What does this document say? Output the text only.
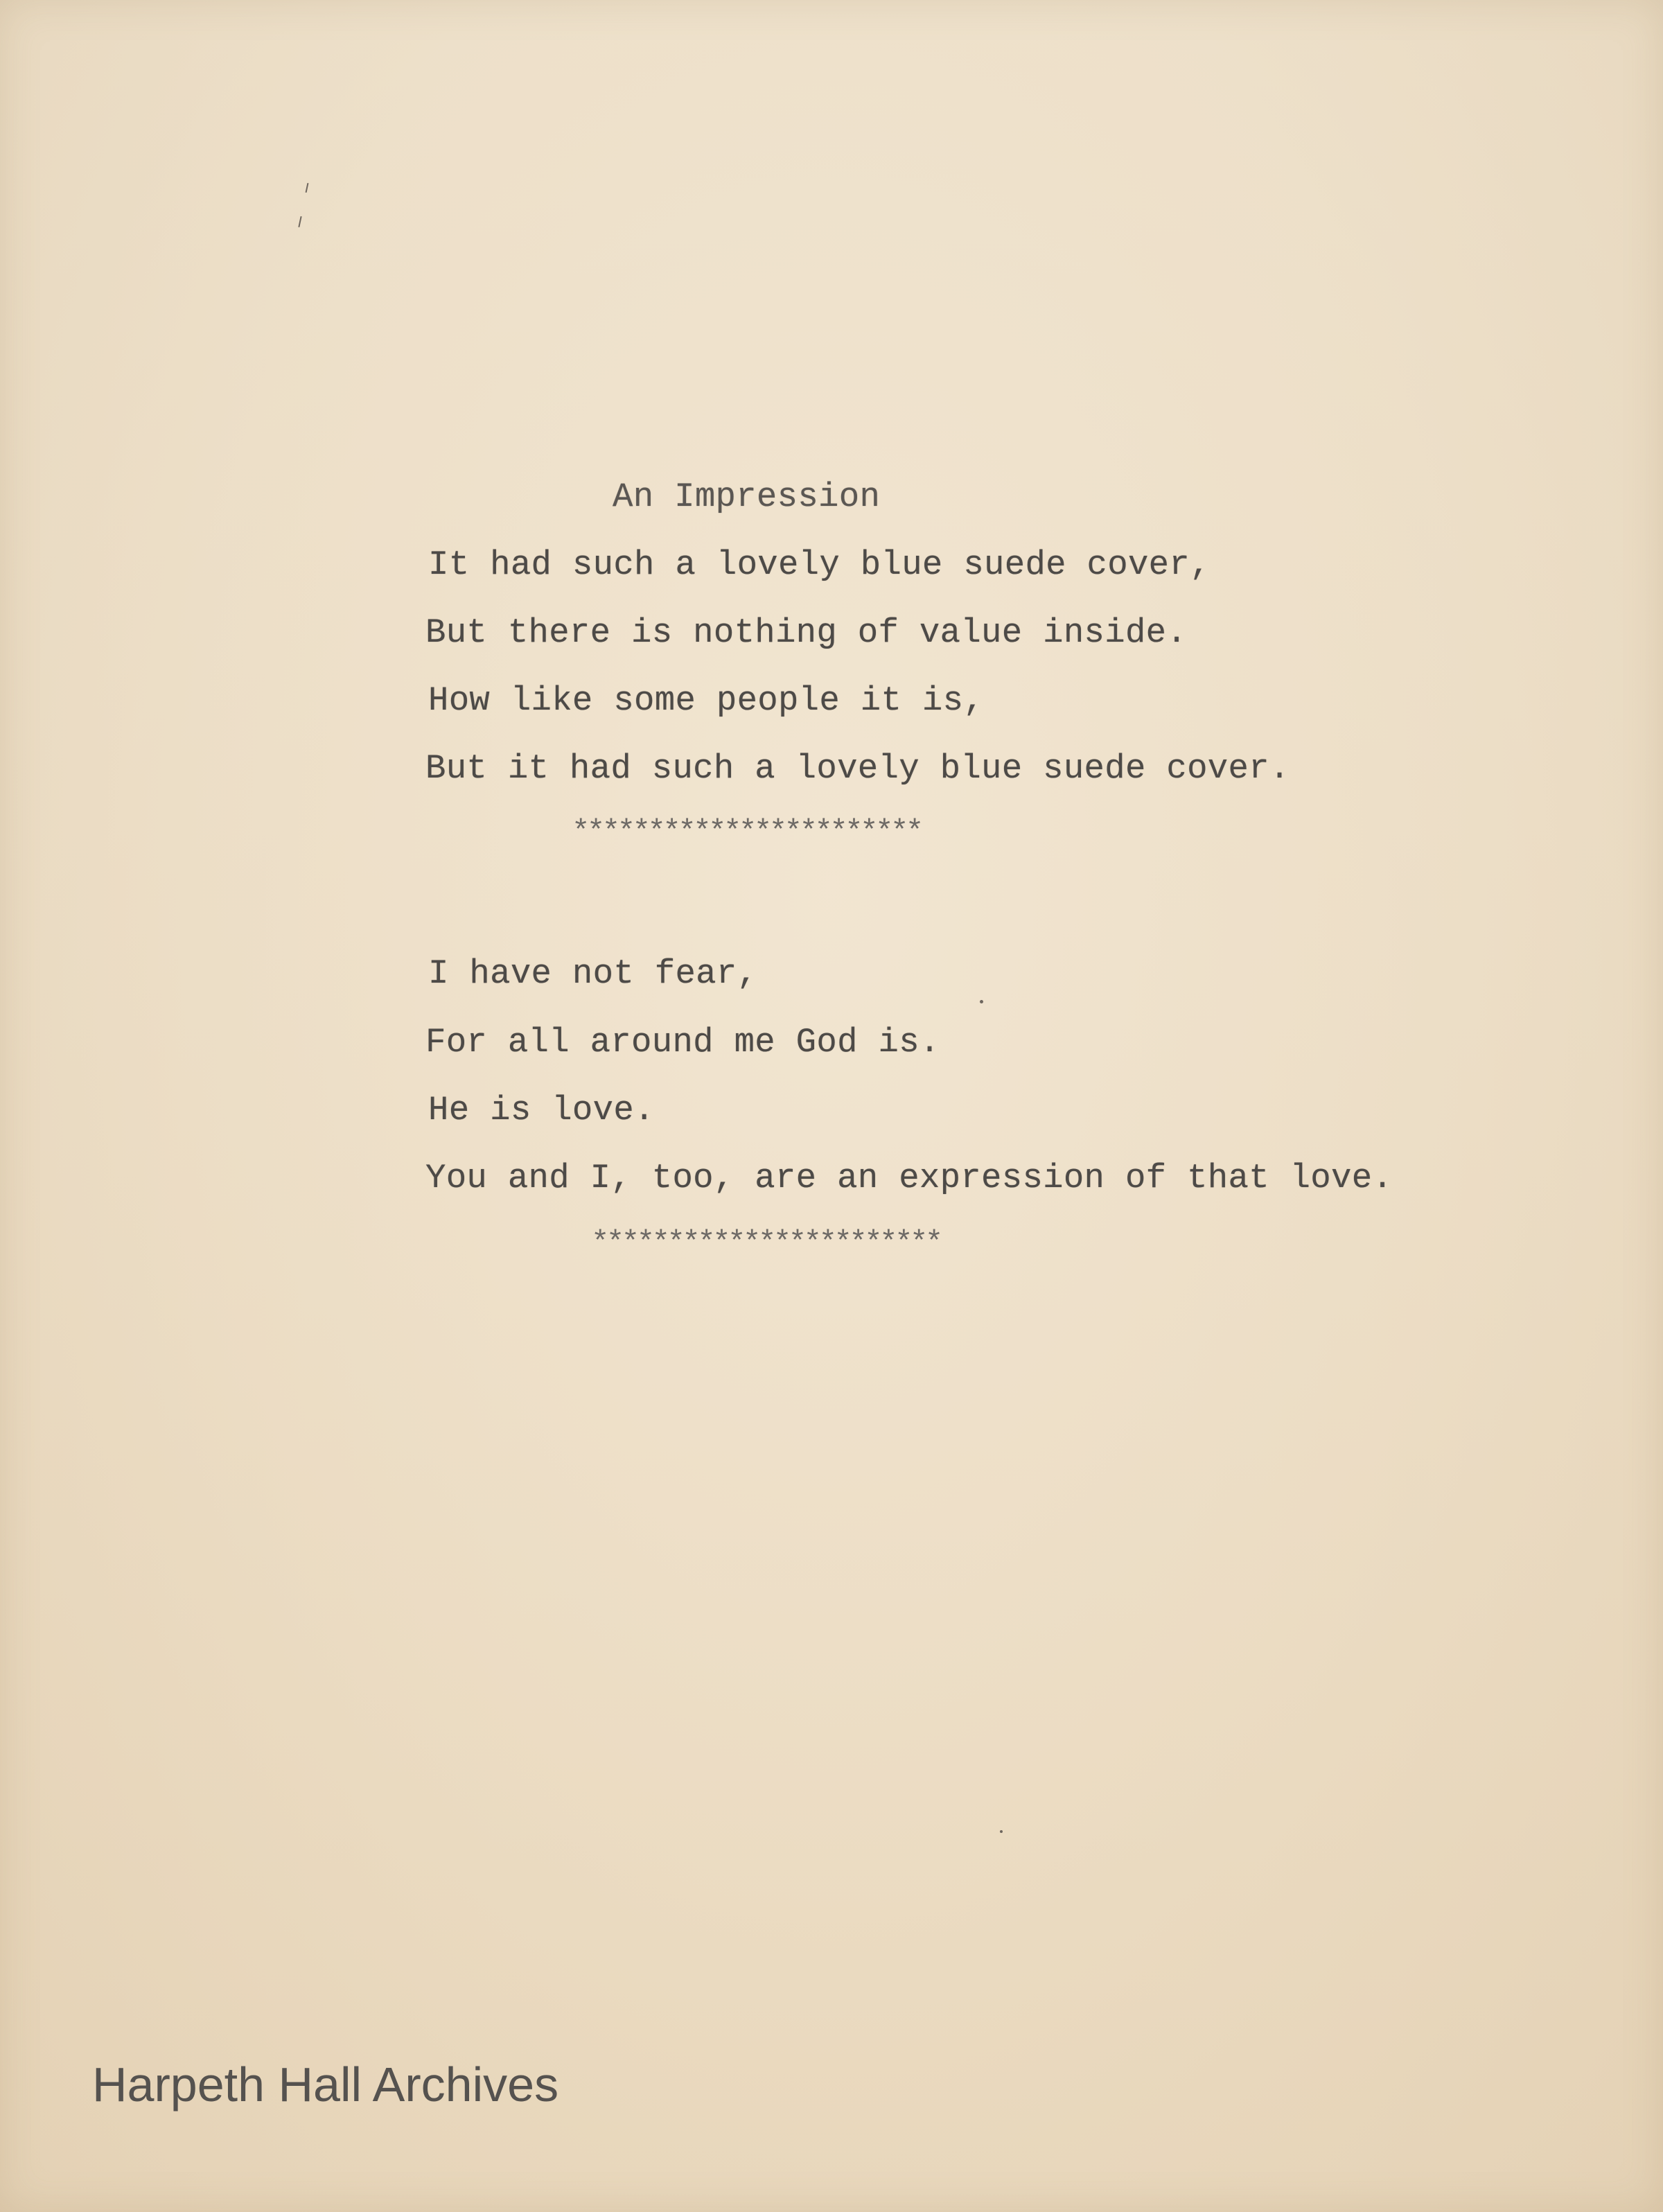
An Impression
It had such a lovely blue suede cover,
But there is nothing of value inside.
How like some people it is,
But it had such a lovely blue suede cover.
***********************
I have not fear,
For all around me God is.
He is love.
You and I, too, are an expression of that love.
***********************
Harpeth Hall Archives
